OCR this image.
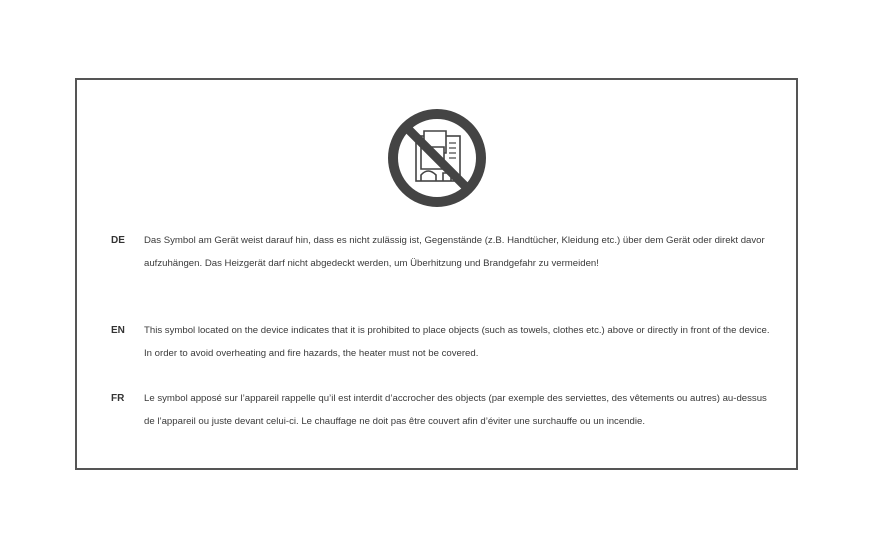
DE	Das Symbol am Gerät weist darauf hin, dass es nicht zulässig ist, Gegenstände (z.B. Handtücher, Kleidung etc.) über dem Gerät oder direkt davor aufzuhängen. Das Heizgerät darf nicht abgedeckt werden, um Überhitzung und Brandgefahr zu vermeiden!
EN	This symbol located on the device indicates that it is prohibited to place objects (such as towels, clothes etc.) above or directly in front of the device. In order to avoid overheating and fire hazards, the heater must not be covered.
FR	Le symbol apposé sur l’appareil rappelle qu’il est interdit d’accrocher des objects (par exemple des serviettes, des vêtements ou autres) au-dessus de l’appareil ou juste devant celui-ci. Le chauffage ne doit pas être couvert afin d’éviter une surchauffe ou un incendie.
